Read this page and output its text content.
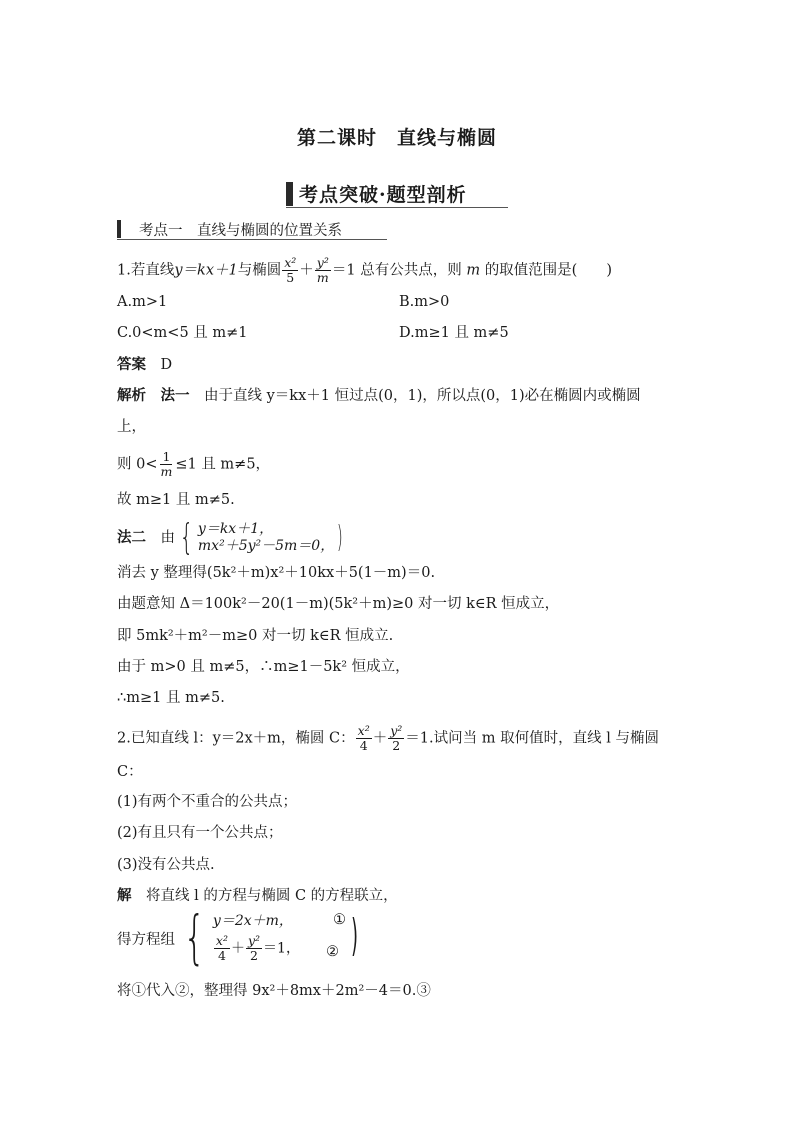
第二课时　直线与椭圆
考点突破·题型剖析
考点一　直线与椭圆的位置关系
1.若直线y＝kx＋1与椭圆 $\frac{\text{x²}}{5} + \frac{\text{y²}}{m} =1$ 总有公共点，则 m 的取值范围是(　　)
A.m>1	B.m>0
C.0<m<5 且 m≠1	D.m≥1 且 m≠5
答案　 D
解析　 法一　 由于直线 y＝kx＋1 恒过点(0，1)，所以点(0，1)必在椭圆内或椭圆
上，
则 $0< \frac{1}{m} \le 1$ 且 m≠5，
故 m≥1 且 m≠5.
法二　 由 { y＝kx＋1，
mx²＋5y²－5m＝0， )
消去 y 整理得(5k²＋m)x²＋10kx＋5(1－m)＝0.
由题意知 Δ＝100k²－20(1－m)(5k²＋m)≥0 对一切 k∈R 恒成立，
即 5mk²＋m²－m≥0 对一切 k∈R 恒成立.
由于 m>0 且 m≠5，∴m≥1－5k² 恒成立，
∴m≥1 且 m≠5.
2.已知直线 l：y＝2x＋m，椭圆 C： $\frac{\text{x²}}{4} + \frac{\text{y²}}{2} =1$.试问当 m 取何值时，直线 l 与椭圆
C：
(1)有两个不重合的公共点；
(2)有且只有一个公共点；
(3)没有公共点.
解　 将直线 l 的方程与椭圆 C 的方程联立，
得方程组 { y＝2x＋m，
$\frac{\text{x²}}{4} + \frac{\text{y²}}{2} =1$，
①
② )
将①代入②，整理得 9x²＋8mx＋2m²－4＝0.③
